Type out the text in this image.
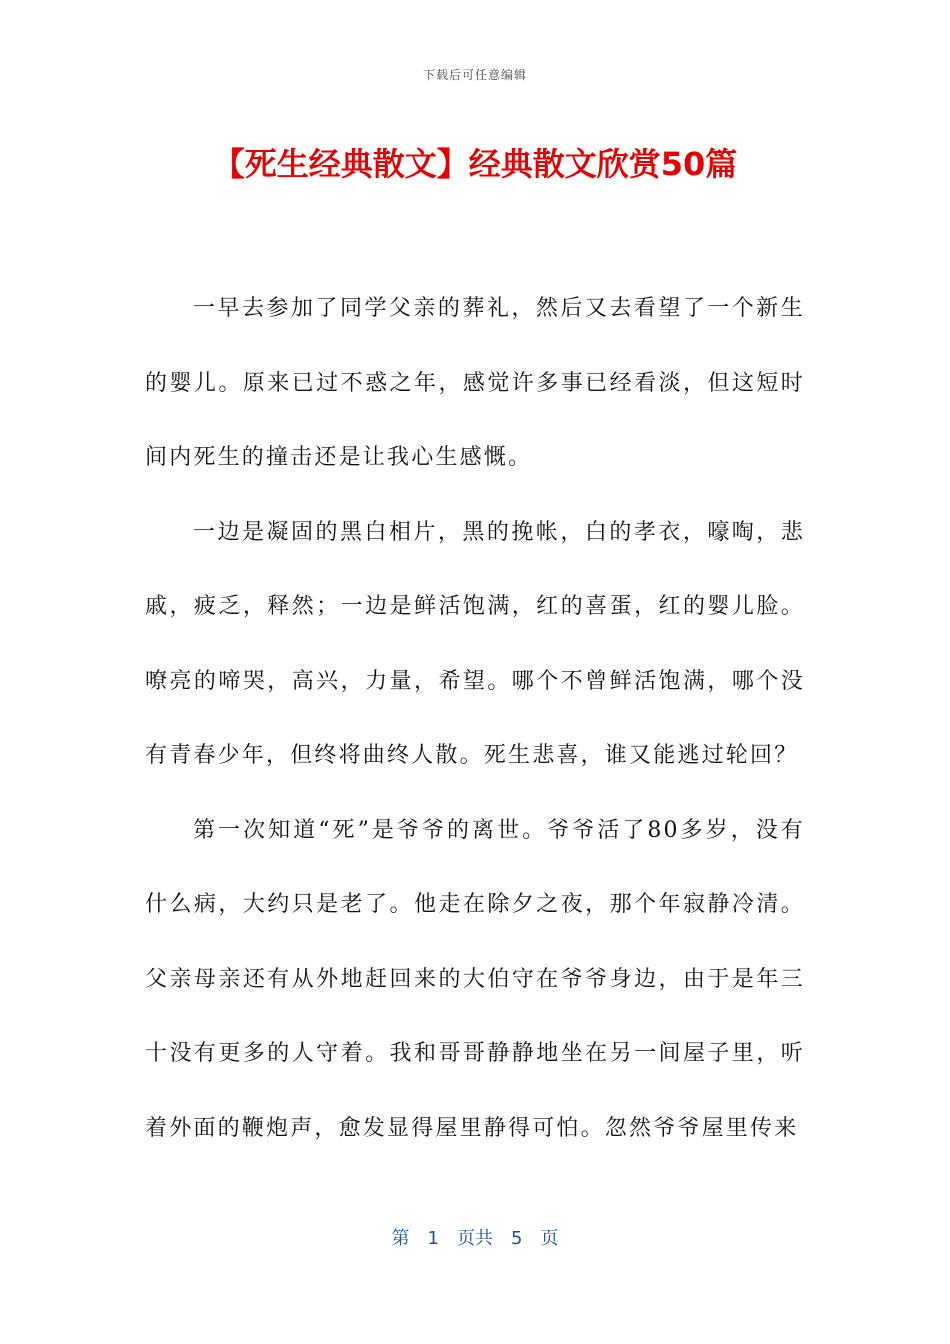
下载后可任意编辑
【死生经典散文】经典散文欣赏50篇

一早去参加了同学父亲的葬礼，然后又去看望了一个新生的婴儿。原来已过不惑之年，感觉许多事已经看淡，但这短时间内死生的撞击还是让我心生感慨。

一边是凝固的黑白相片，黑的挽帐，白的孝衣，嚎啕，悲戚，疲乏，释然；一边是鲜活饱满，红的喜蛋，红的婴儿脸。嘹亮的啼哭，高兴，力量，希望。哪个不曾鲜活饱满，哪个没有青春少年，但终将曲终人散。死生悲喜，谁又能逃过轮回？

第一次知道“死”是爷爷的离世。爷爷活了80多岁，没有什么病，大约只是老了。他走在除夕之夜，那个年寂静冷清。父亲母亲还有从外地赶回来的大伯守在爷爷身边，由于是年三十没有更多的人守着。我和哥哥静静地坐在另一间屋子里，听着外面的鞭炮声，愈发显得屋里静得可怕。忽然爷爷屋里传来

第 1 页共 5 页
